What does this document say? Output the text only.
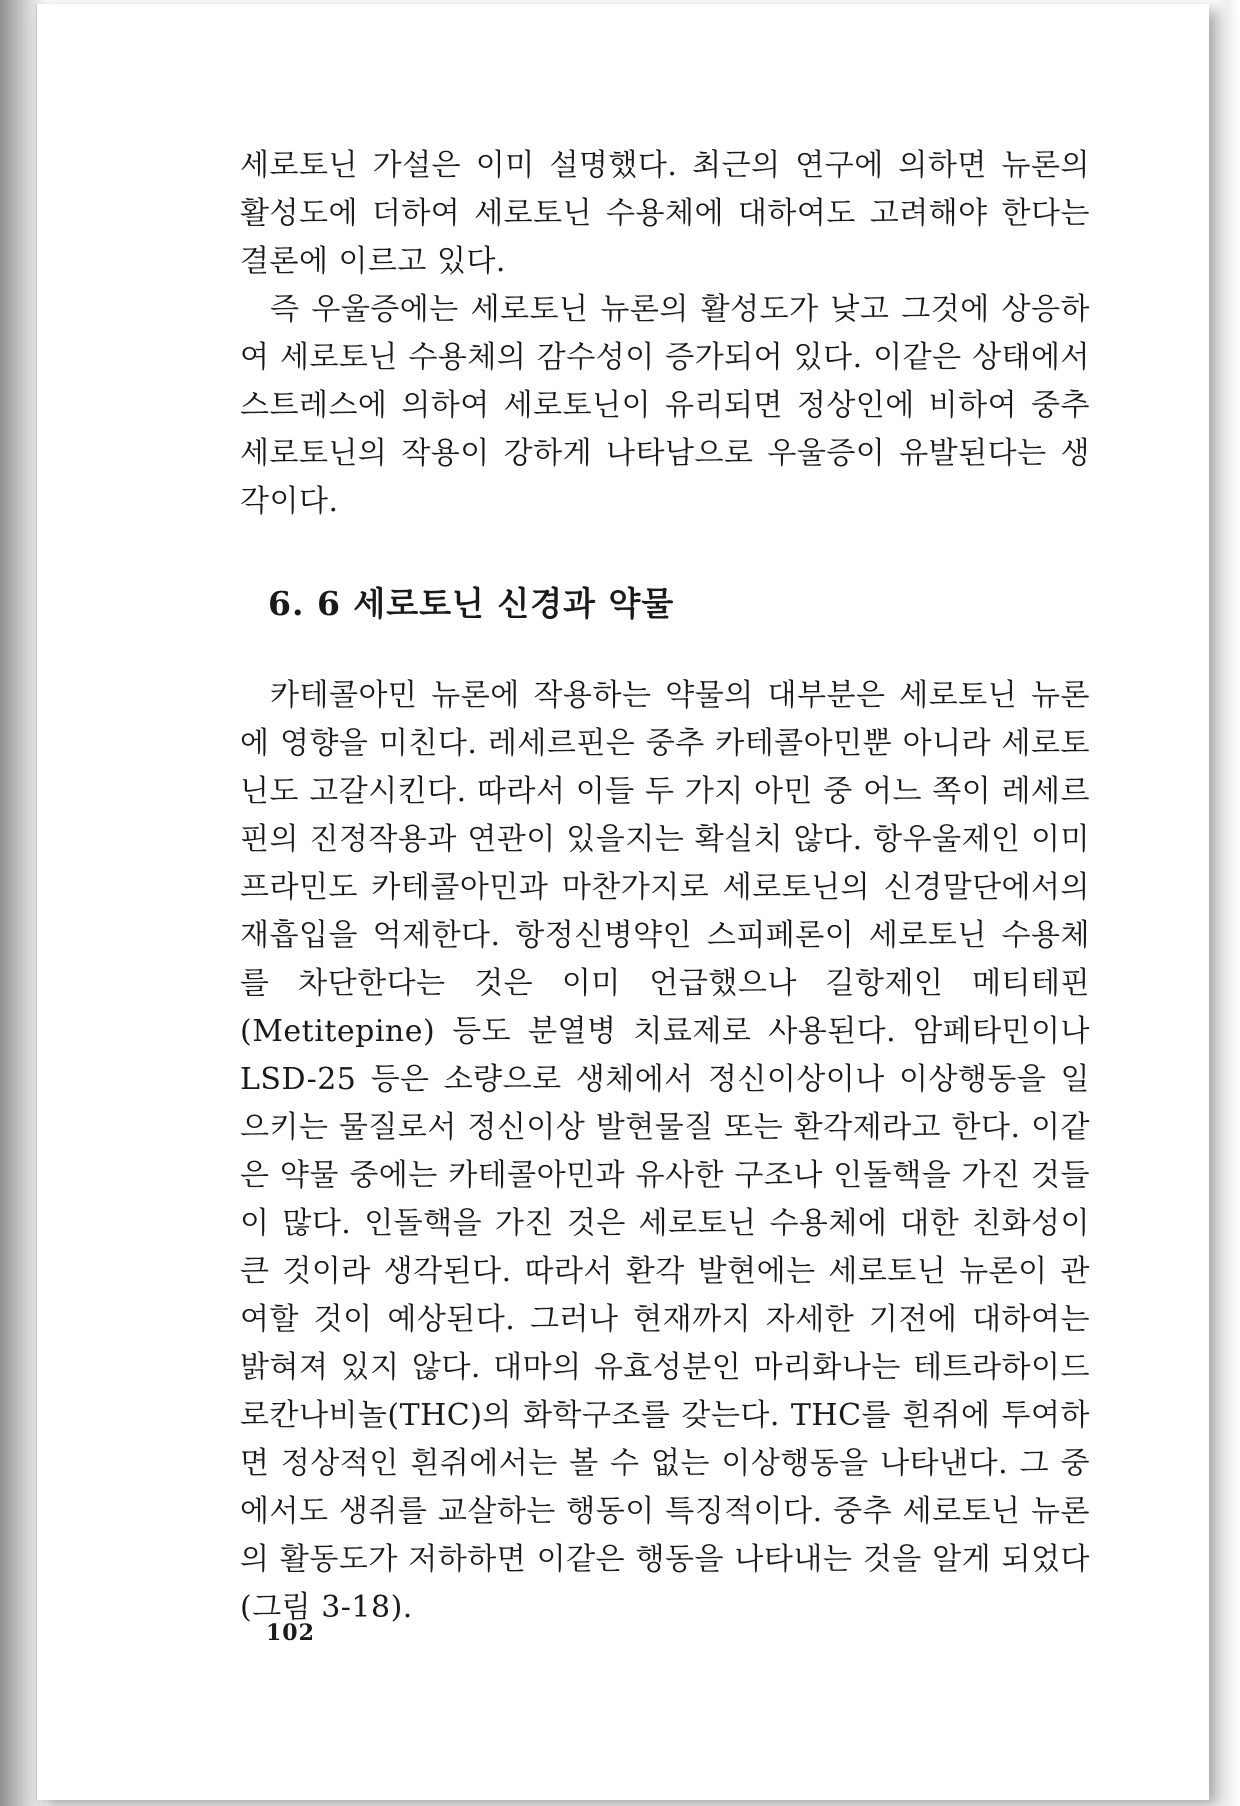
세로토닌 가설은 이미 설명했다. 최근의 연구에 의하면 뉴론의 활성도에 더하여 세로토닌 수용체에 대하여도 고려해야 한다는 결론에 이르고 있다.

즉 우울증에는 세로토닌 뉴론의 활성도가 낮고 그것에 상응하여 세로토닌 수용체의 감수성이 증가되어 있다. 이같은 상태에서 스트레스에 의하여 세로토닌이 유리되면 정상인에 비하여 중추 세로토닌의 작용이 강하게 나타남으로 우울증이 유발된다는 생각이다.

6. 6 세로토닌 신경과 약물

카테콜아민 뉴론에 작용하는 약물의 대부분은 세로토닌 뉴론에 영향을 미친다. 레세르핀은 중추 카테콜아민뿐 아니라 세로토닌도 고갈시킨다. 따라서 이들 두 가지 아민 중 어느 쪽이 레세르핀의 진정작용과 연관이 있을지는 확실치 않다. 항우울제인 이미프라민도 카테콜아민과 마찬가지로 세로토닌의 신경말단에서의 재흡입을 억제한다. 항정신병약인 스피페론이 세로토닌 수용체를 차단한다는 것은 이미 언급했으나 길항제인 메티테핀(Metitepine) 등도 분열병 치료제로 사용된다. 암페타민이나 LSD-25 등은 소량으로 생체에서 정신이상이나 이상행동을 일으키는 물질로서 정신이상 발현물질 또는 환각제라고 한다. 이같은 약물 중에는 카테콜아민과 유사한 구조나 인돌핵을 가진 것들이 많다. 인돌핵을 가진 것은 세로토닌 수용체에 대한 친화성이 큰 것이라 생각된다. 따라서 환각 발현에는 세로토닌 뉴론이 관여할 것이 예상된다. 그러나 현재까지 자세한 기전에 대하여는 밝혀져 있지 않다. 대마의 유효성분인 마리화나는 테트라하이드로칸나비놀(THC)의 화학구조를 갖는다. THC를 흰쥐에 투여하면 정상적인 흰쥐에서는 볼 수 없는 이상행동을 나타낸다. 그 중에서도 생쥐를 교살하는 행동이 특징적이다. 중추 세로토닌 뉴론의 활동도가 저하하면 이같은 행동을 나타내는 것을 알게 되었다(그림 3-18).

102
